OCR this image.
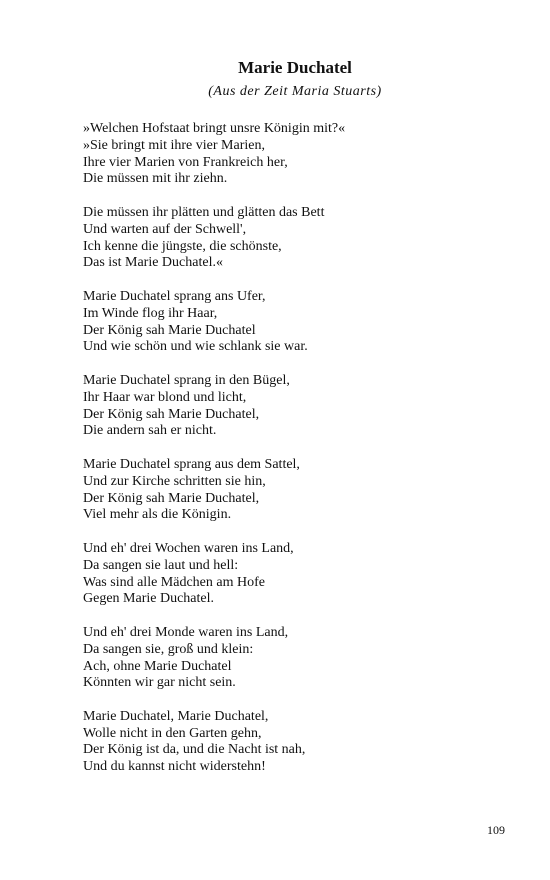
Marie Duchatel
(Aus der Zeit Maria Stuarts)
»Welchen Hofstaat bringt unsre Königin mit?«
»Sie bringt mit ihre vier Marien,
Ihre vier Marien von Frankreich her,
Die müssen mit ihr ziehn.
Die müssen ihr plätten und glätten das Bett
Und warten auf der Schwell',
Ich kenne die jüngste, die schönste,
Das ist Marie Duchatel.«
Marie Duchatel sprang ans Ufer,
Im Winde flog ihr Haar,
Der König sah Marie Duchatel
Und wie schön und wie schlank sie war.
Marie Duchatel sprang in den Bügel,
Ihr Haar war blond und licht,
Der König sah Marie Duchatel,
Die andern sah er nicht.
Marie Duchatel sprang aus dem Sattel,
Und zur Kirche schritten sie hin,
Der König sah Marie Duchatel,
Viel mehr als die Königin.
Und eh' drei Wochen waren ins Land,
Da sangen sie laut und hell:
Was sind alle Mädchen am Hofe
Gegen Marie Duchatel.
Und eh' drei Monde waren ins Land,
Da sangen sie, groß und klein:
Ach, ohne Marie Duchatel
Könnten wir gar nicht sein.
Marie Duchatel, Marie Duchatel,
Wolle nicht in den Garten gehn,
Der König ist da, und die Nacht ist nah,
Und du kannst nicht widerstehn!
109
